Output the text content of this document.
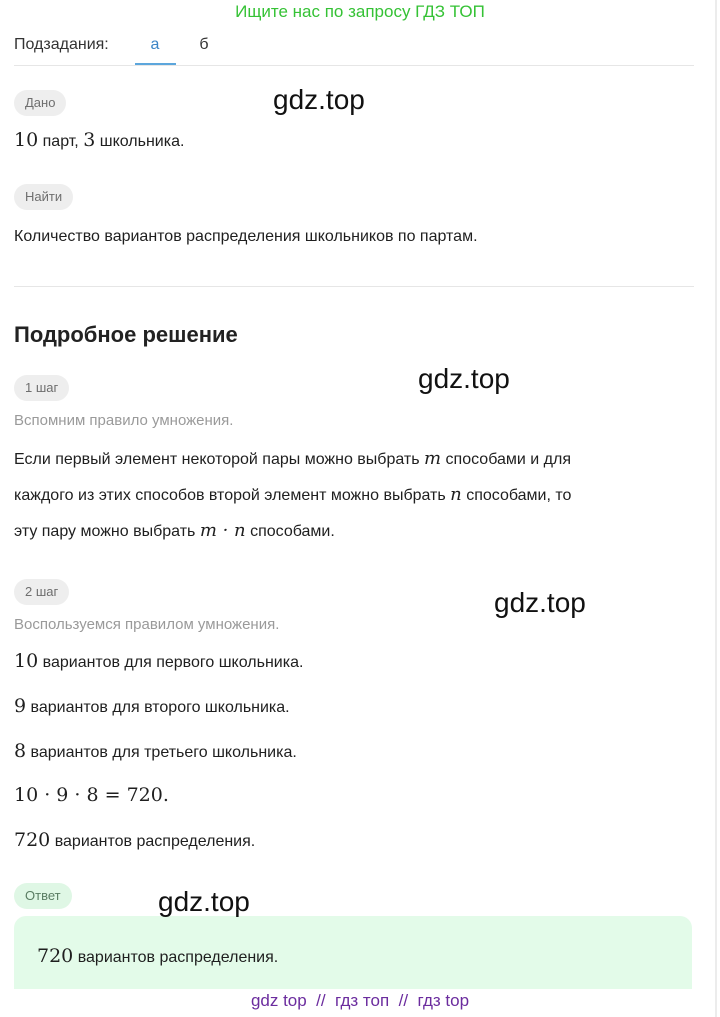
Ищите нас по запросу ГДЗ ТОП
Подзадания:	а	б
Дано	gdz.top
10 парт, 3 школьника.
Найти
Количество вариантов распределения школьников по партам.
Подробное решение
gdz.top
1 шаг
Вспомним правило умножения.
Если первый элемент некоторой пары можно выбрать m способами и для
каждого из этих способов второй элемент можно выбрать n способами, то
эту пару можно выбрать m · n способами.
2 шаг	gdz.top
Воспользуемся правилом умножения.
10 вариантов для первого школьника.
9 вариантов для второго школьника.
8 вариантов для третьего школьника.
10 · 9 · 8 = 720.
720 вариантов распределения.
Ответ	gdz.top
720 вариантов распределения.
gdz top  //  гдз топ  //  гдз top
